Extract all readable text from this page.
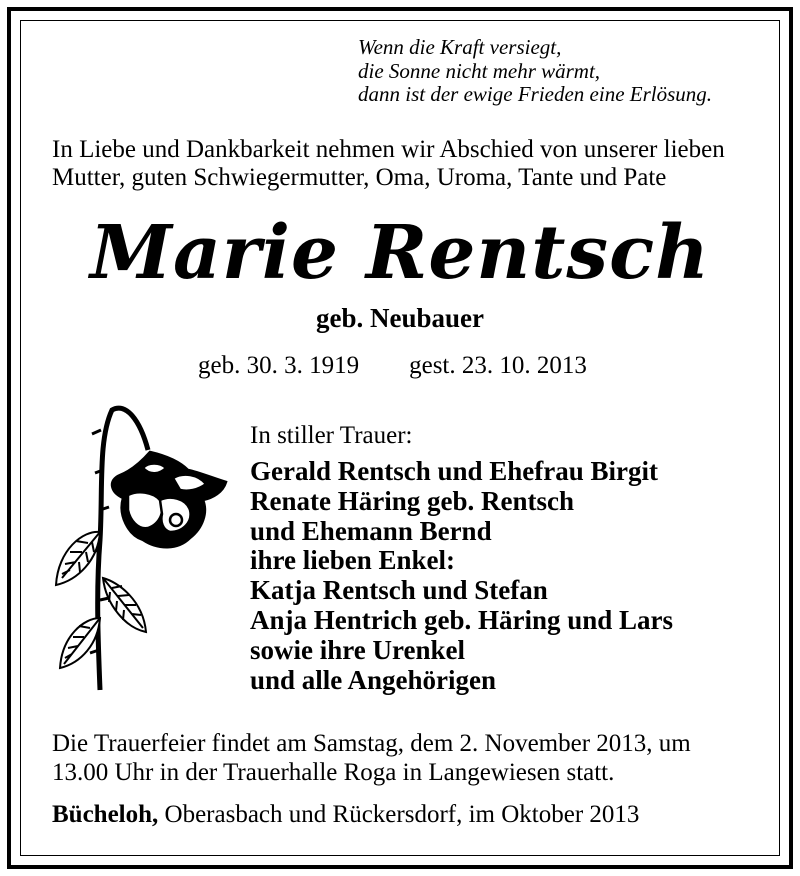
Wenn die Kraft versiegt,
die Sonne nicht mehr wärmt,
dann ist der ewige Frieden eine Erlösung.
In Liebe und Dankbarkeit nehmen wir Abschied von unserer lieben
Mutter, guten Schwiegermutter, Oma, Uroma, Tante und Pate
Marie Rentsch
geb. Neubauer
geb. 30. 3. 1919 gest. 23. 10. 2013
In stiller Trauer:
Gerald Rentsch und Ehefrau Birgit
Renate Häring geb. Rentsch
und Ehemann Bernd
ihre lieben Enkel:
Katja Rentsch und Stefan
Anja Hentrich geb. Häring und Lars
sowie ihre Urenkel
und alle Angehörigen
Die Trauerfeier findet am Samstag, dem 2. November 2013, um
13.00 Uhr in der Trauerhalle Roga in Langewiesen statt.
Bücheloh, Oberasbach und Rückersdorf, im Oktober 2013
